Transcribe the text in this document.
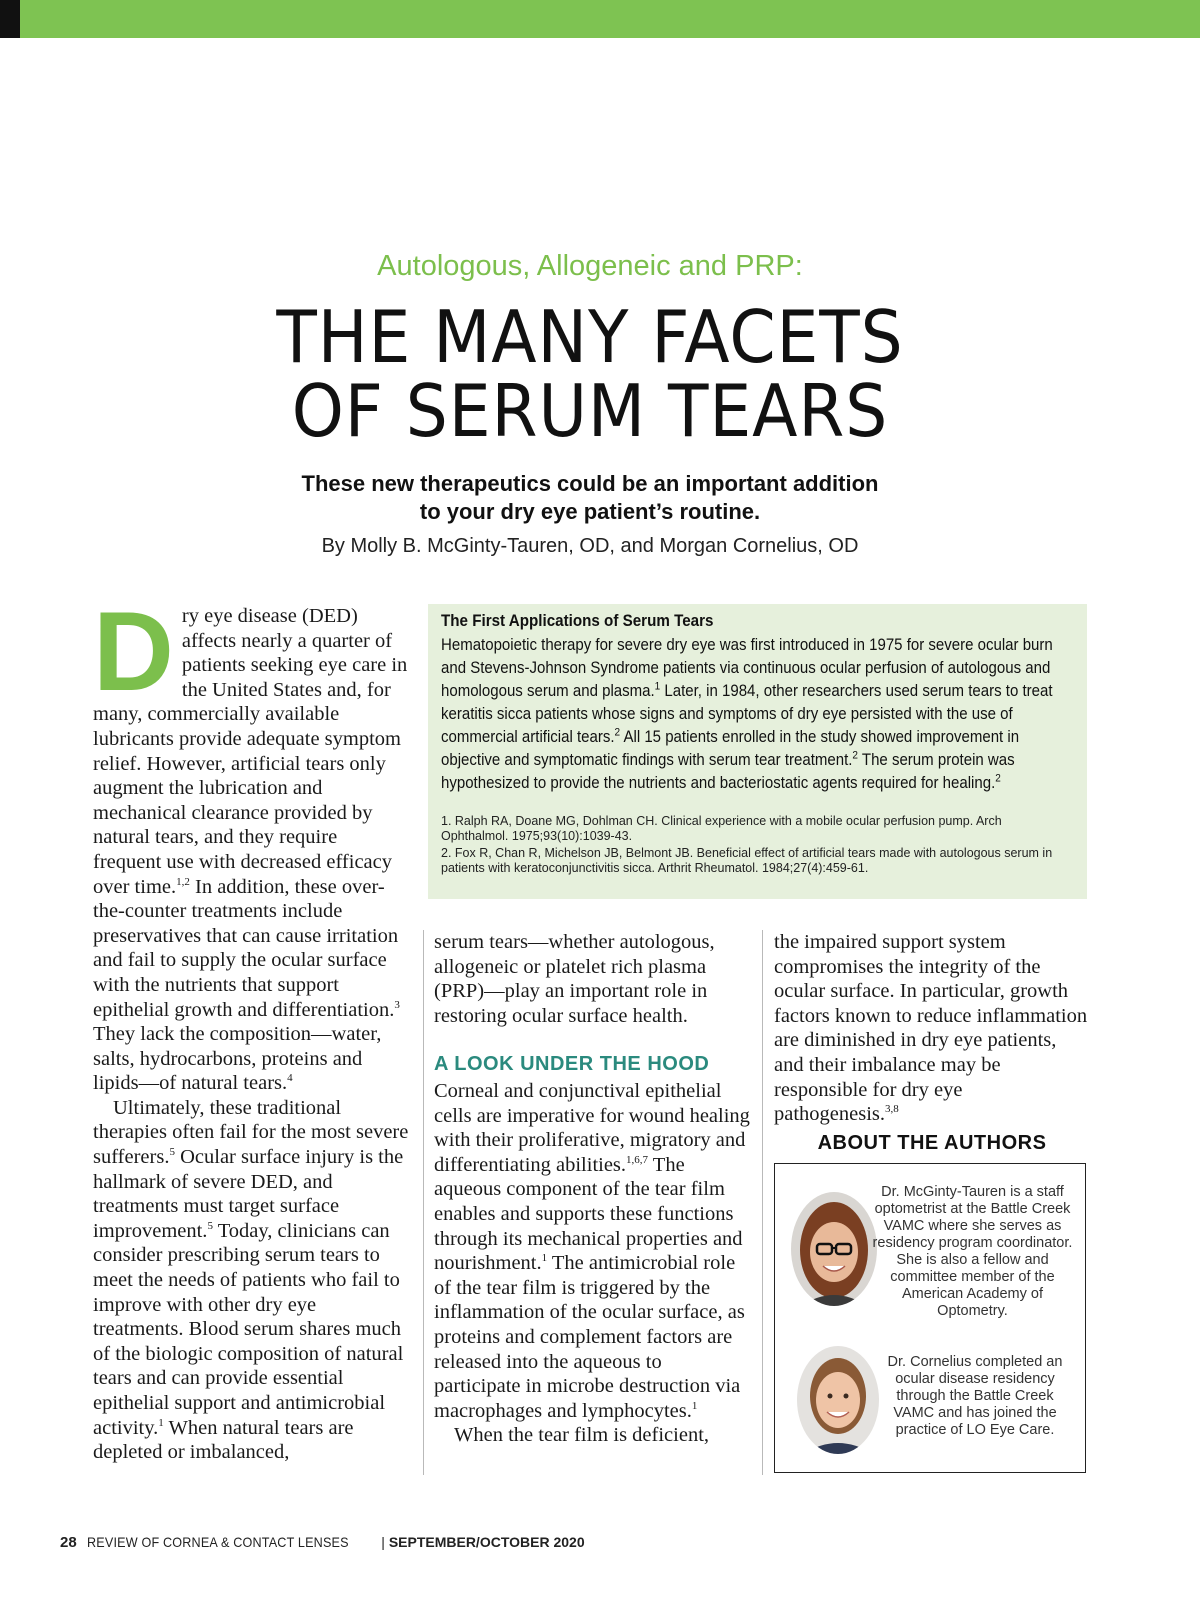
Autologous, Allogeneic and PRP:
THE MANY FACETS
OF SERUM TEARS
These new therapeutics could be an important addition
to your dry eye patient’s routine.
By Molly B. McGinty-Tauren, OD, and Morgan Cornelius, OD

Dry eye disease (DED) affects nearly a quarter of patients seeking eye care in the United States and, for many, commercially available lubricants provide adequate symptom relief. However, artificial tears only augment the lubrication and mechanical clearance provided by natural tears, and they require frequent use with decreased efficacy over time.$^{1,2}$ In addition, these over-the-counter treatments include preservatives that can cause irritation and fail to supply the ocular surface with the nutrients that support epithelial growth and differentiation.$^3$ They lack the composition—water, salts, hydrocarbons, proteins and lipids—of natural tears.$^4$

Ultimately, these traditional therapies often fail for the most severe sufferers.$^5$ Ocular surface injury is the hallmark of severe DED, and treatments must target surface improvement.$^5$ Today, clinicians can consider prescribing serum tears to meet the needs of patients who fail to improve with other dry eye treatments. Blood serum shares much of the biologic composition of natural tears and can provide essential epithelial support and antimicrobial activity.$^1$ When natural tears are depleted or imbalanced,

The First Applications of Serum Tears
Hematopoietic therapy for severe dry eye was first introduced in 1975 for severe ocular burn and Stevens-Johnson Syndrome patients via continuous ocular perfusion of autologous and homologous serum and plasma.$^1$ Later, in 1984, other researchers used serum tears to treat keratitis sicca patients whose signs and symptoms of dry eye persisted with the use of commercial artificial tears.$^2$ All 15 patients enrolled in the study showed improvement in objective and symptomatic findings with serum tear treatment.$^2$ The serum protein was hypothesized to provide the nutrients and bacteriostatic agents required for healing.$^2$

1. Ralph RA, Doane MG, Dohlman CH. Clinical experience with a mobile ocular perfusion pump. Arch Ophthalmol. 1975;93(10):1039-43.

2. Fox R, Chan R, Michelson JB, Belmont JB. Beneficial effect of artificial tears made with autologous serum in patients with keratoconjunctivitis sicca. Arthrit Rheumatol. 1984;27(4):459-61.

serum tears—whether autologous, allogeneic or platelet rich plasma (PRP)—play an important role in restoring ocular surface health.

A LOOK UNDER THE HOOD

Corneal and conjunctival epithelial cells are imperative for wound healing with their proliferative, migratory and differentiating abilities.$^{1,6,7}$ The aqueous component of the tear film enables and supports these functions through its mechanical properties and nourishment.$^1$ The antimicrobial role of the tear film is triggered by the inflammation of the ocular surface, as proteins and complement factors are released into the aqueous to participate in microbe destruction via macrophages and lymphocytes.$^1$

When the tear film is deficient,

the impaired support system compromises the integrity of the ocular surface. In particular, growth factors known to reduce inflammation are diminished in dry eye patients, and their imbalance may be responsible for dry eye pathogenesis.$^{3,8}$

ABOUT THE AUTHORS
Dr. McGinty-Tauren is a staff optometrist at the Battle Creek VAMC where she serves as residency program coordinator. She is also a fellow and committee member of the American Academy of Optometry.
Dr. Cornelius completed an ocular disease residency through the Battle Creek VAMC and has joined the practice of LO Eye Care.
28 REVIEW OF CORNEA & CONTACT LENSES | SEPTEMBER/OCTOBER 2020
